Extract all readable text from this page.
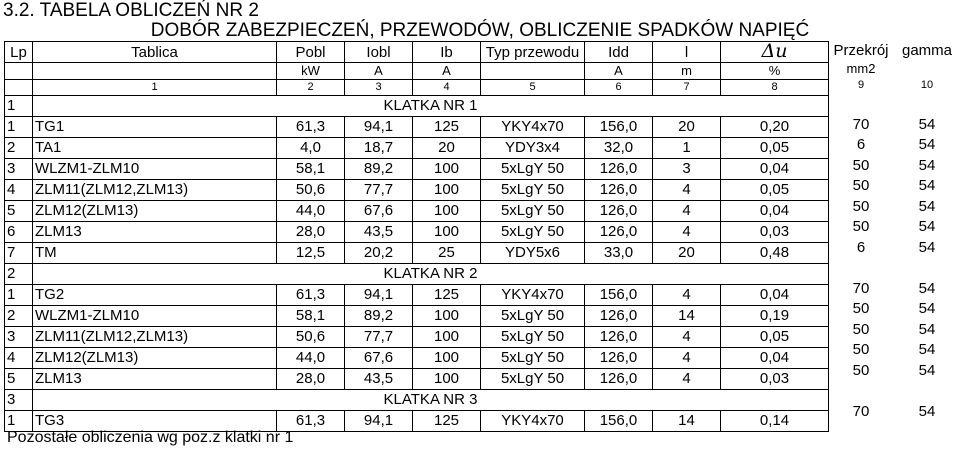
3.2. TABELA OBLICZEŃ NR 2
DOBÓR ZABEZPIECZEŃ, PRZEWODÓW, OBLICZENIE SPADKÓW NAPIĘĆ
Lp	Tablica	Pobl	Iobl	Ib	Typ przewodu	Idd	l	Δu
		kW	A	A		A	m	%
	1	2	3	4	5	6	7	8
1	KLATKA NR 1							
1	TG1	61,3	94,1	125	YKY4x70	156,0	20	0,20
2	TA1	4,0	18,7	20	YDY3x4	32,0	1	0,05
3	WLZM1-ZLM10	58,1	89,2	100	5xLgY 50	126,0	3	0,04
4	ZLM11(ZLM12,ZLM13)	50,6	77,7	100	5xLgY 50	126,0	4	0,05
5	ZLM12(ZLM13)	44,0	67,6	100	5xLgY 50	126,0	4	0,04
6	ZLM13	28,0	43,5	100	5xLgY 50	126,0	4	0,03
7	TM	12,5	20,2	25	YDY5x6	33,0	20	0,48
2	KLATKA NR 2							
1	TG2	61,3	94,1	125	YKY4x70	156,0	4	0,04
2	WLZM1-ZLM10	58,1	89,2	100	5xLgY 50	126,0	14	0,19
3	ZLM11(ZLM12,ZLM13)	50,6	77,7	100	5xLgY 50	126,0	4	0,05
4	ZLM12(ZLM13)	44,0	67,6	100	5xLgY 50	126,0	4	0,04
5	ZLM13	28,0	43,5	100	5xLgY 50	126,0	4	0,03
3	KLATKA NR 3							
1	TG3	61,3	94,1	125	YKY4x70	156,0	14	0,14
Przekrój gamma
mm2
9	10
70	54
6	54
50	54
50	54
50	54
50	54
6	54
70	54
50	54
50	54
50	54
50	54
70	54
Pozostałe obliczenia wg poz.z klatki nr 1
